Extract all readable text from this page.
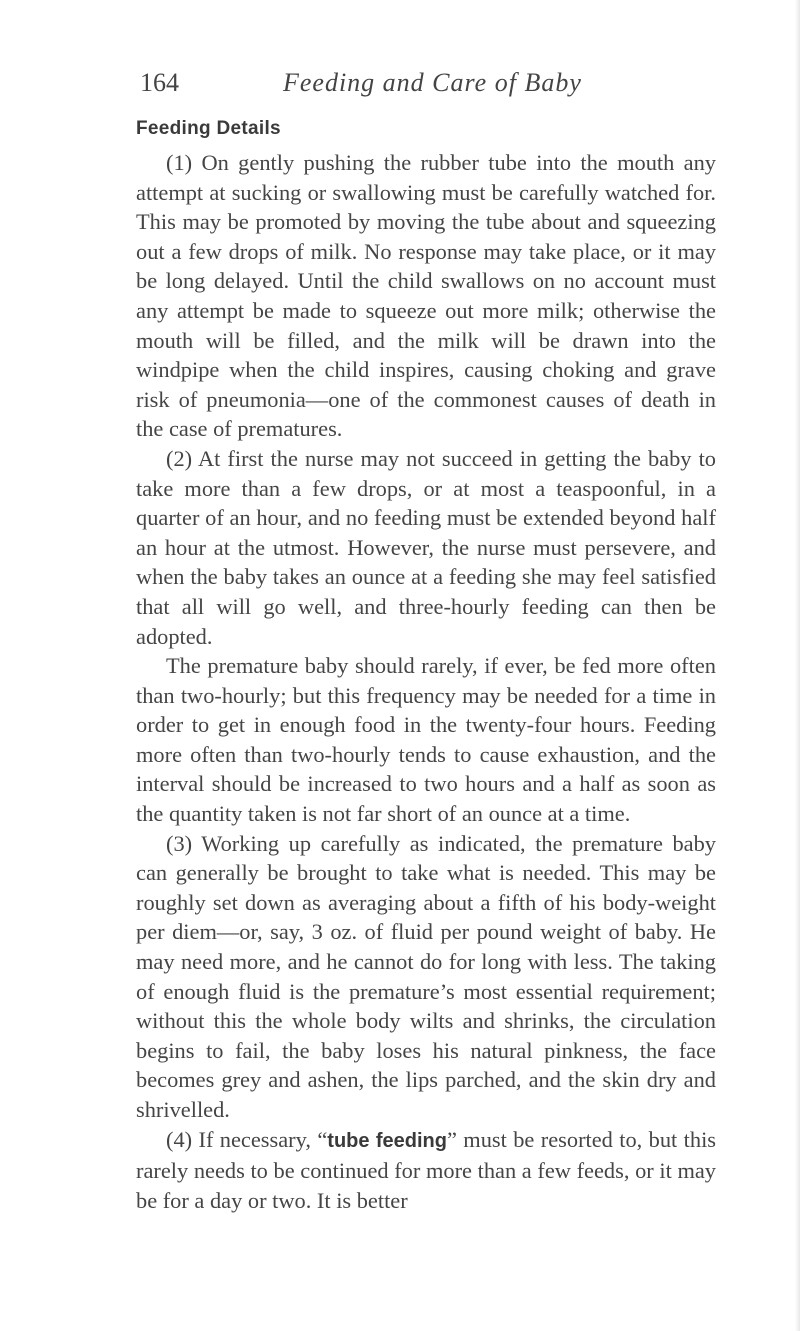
164	Feeding and Care of Baby
Feeding Details

(1) On gently pushing the rubber tube into the mouth any attempt at sucking or swallowing must be carefully watched for. This may be promoted by moving the tube about and squeezing out a few drops of milk. No response may take place, or it may be long delayed. Until the child swallows on no account must any attempt be made to squeeze out more milk; otherwise the mouth will be filled, and the milk will be drawn into the windpipe when the child inspires, causing choking and grave risk of pneumonia—one of the commonest causes of death in the case of prematures.

(2) At first the nurse may not succeed in getting the baby to take more than a few drops, or at most a teaspoonful, in a quarter of an hour, and no feeding must be extended beyond half an hour at the utmost. However, the nurse must persevere, and when the baby takes an ounce at a feeding she may feel satisfied that all will go well, and three-hourly feeding can then be adopted.

The premature baby should rarely, if ever, be fed more often than two-hourly; but this frequency may be needed for a time in order to get in enough food in the twenty-four hours. Feeding more often than two-hourly tends to cause exhaustion, and the interval should be increased to two hours and a half as soon as the quantity taken is not far short of an ounce at a time.

(3) Working up carefully as indicated, the premature baby can generally be brought to take what is needed. This may be roughly set down as averaging about a fifth of his body-weight per diem—or, say, 3 oz. of fluid per pound weight of baby. He may need more, and he cannot do for long with less. The taking of enough fluid is the premature’s most essential requirement; without this the whole body wilts and shrinks, the circulation begins to fail, the baby loses his natural pinkness, the face becomes grey and ashen, the lips parched, and the skin dry and shrivelled.

(4) If necessary, “tube feeding” must be resorted to, but this rarely needs to be continued for more than a few feeds, or it may be for a day or two. It is better
